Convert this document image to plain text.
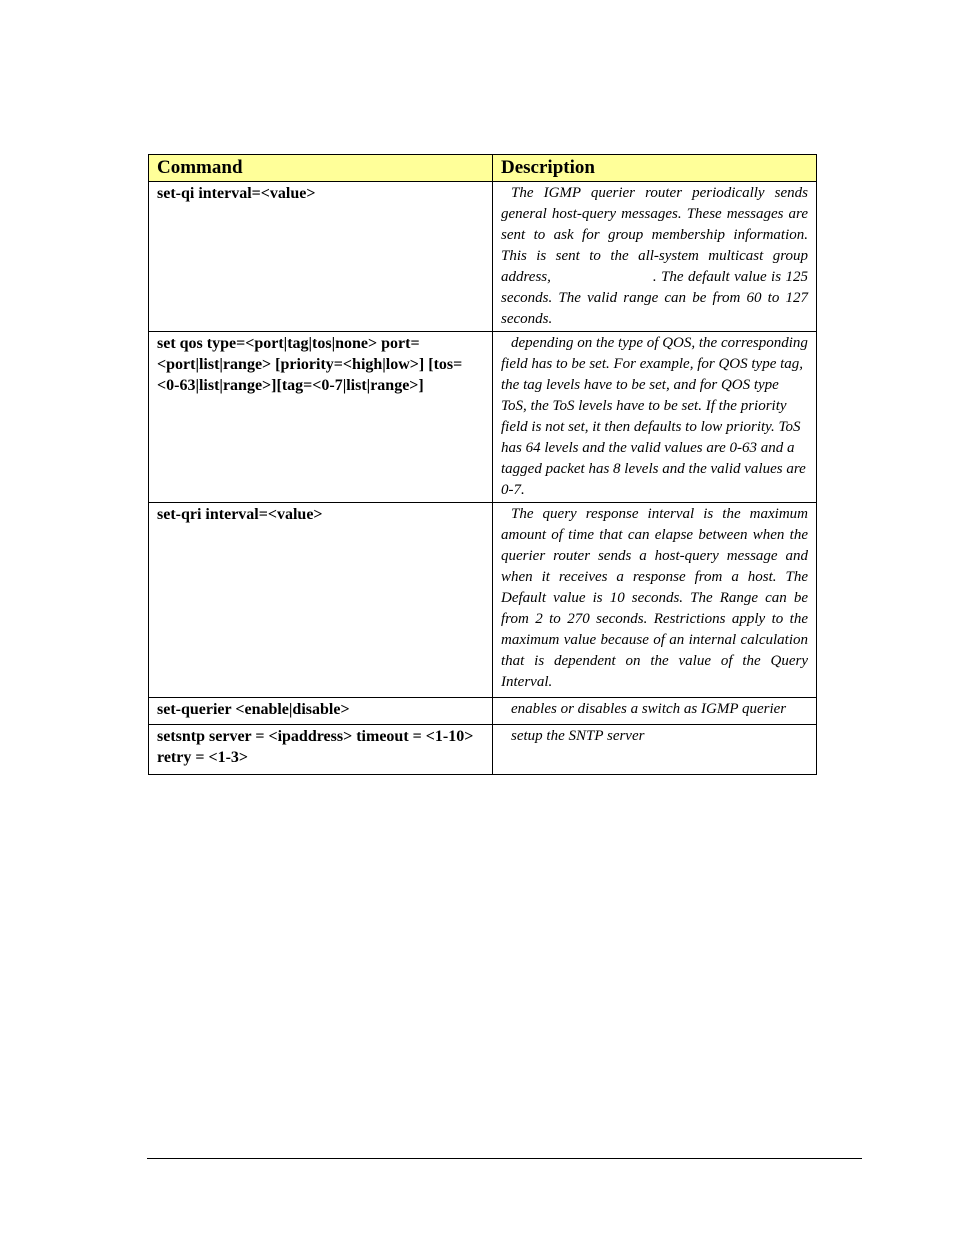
Command	Description
set-qi interval=<value>	The IGMP querier router periodically sends general host-query messages. These messages are sent to ask for group membership information. This is sent to the all-system multicast group address, . The default value is 125 seconds. The valid range can be from 60 to 127 seconds.
set qos type=<port|tag|tos|none> port=<port|list|range> [priority=<high|low>] [tos=<0-63|list|range>][tag=<0-7|list|range>]	depending on the type of QOS, the corresponding field has to be set. For example, for QOS type tag, the tag levels have to be set, and for QOS type ToS, the ToS levels have to be set. If the priority field is not set, it then defaults to low priority. ToS has 64 levels and the valid values are 0-63 and a tagged packet has 8 levels and the valid values are 0-7.
set-qri interval=<value>	The query response interval is the maximum amount of time that can elapse between when the querier router sends a host-query message and when it receives a response from a host. The Default value is 10 seconds. The Range can be from 2 to 270 seconds. Restrictions apply to the maximum value because of an internal calculation that is dependent on the value of the Query Interval.
set-querier <enable|disable>	enables or disables a switch as IGMP querier
setsntp server = <ipaddress> timeout = <1-10> retry = <1-3>	setup the SNTP server
